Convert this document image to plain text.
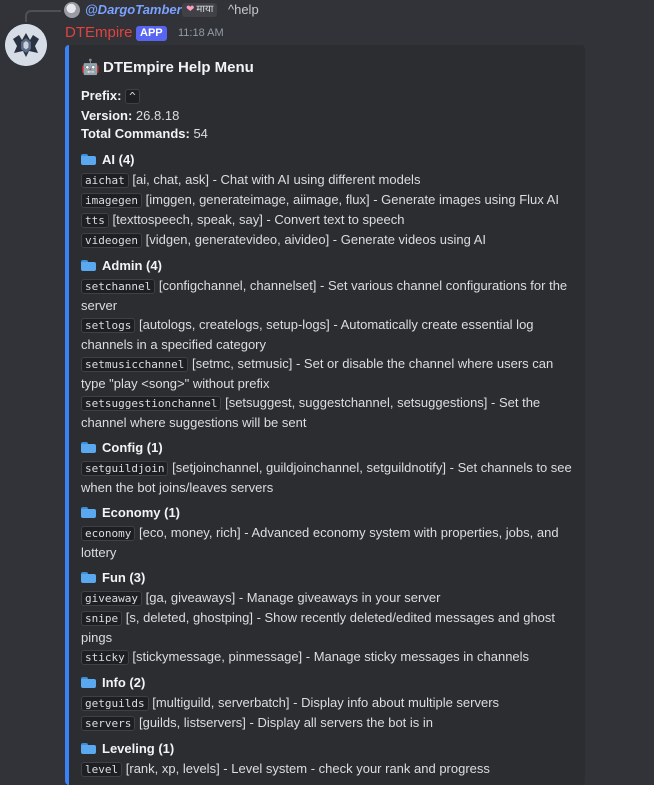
@DargoTamber ❤ माया	^help
DTEmpire APP	11:18 AM
🤖 DTEmpire Help Menu
Prefix: ^
Version: 26.8.18
Total Commands: 54
AI (4)
aichat [ai, chat, ask] - Chat with AI using different models
imagegen [imggen, generateimage, aiimage, flux] - Generate images using Flux AI
tts [texttospeech, speak, say] - Convert text to speech
videogen [vidgen, generatevideo, aivideo] - Generate videos using AI
Admin (4)
setchannel [configchannel, channelset] - Set various channel configurations for the server
setlogs [autologs, createlogs, setup-logs] - Automatically create essential log channels in a specified category
setmusicchannel [setmc, setmusic] - Set or disable the channel where users can type "play <song>" without prefix
setsuggestionchannel [setsuggest, suggestchannel, setsuggestions] - Set the channel where suggestions will be sent
Config (1)
setguildjoin [setjoinchannel, guildjoinchannel, setguildnotify] - Set channels to see when the bot joins/leaves servers
Economy (1)
economy [eco, money, rich] - Advanced economy system with properties, jobs, and lottery
Fun (3)
giveaway [ga, giveaways] - Manage giveaways in your server
snipe [s, deleted, ghostping] - Show recently deleted/edited messages and ghost pings
sticky [stickymessage, pinmessage] - Manage sticky messages in channels
Info (2)
getguilds [multiguild, serverbatch] - Display info about multiple servers
servers [guilds, listservers] - Display all servers the bot is in
Leveling (1)
level [rank, xp, levels] - Level system - check your rank and progress
